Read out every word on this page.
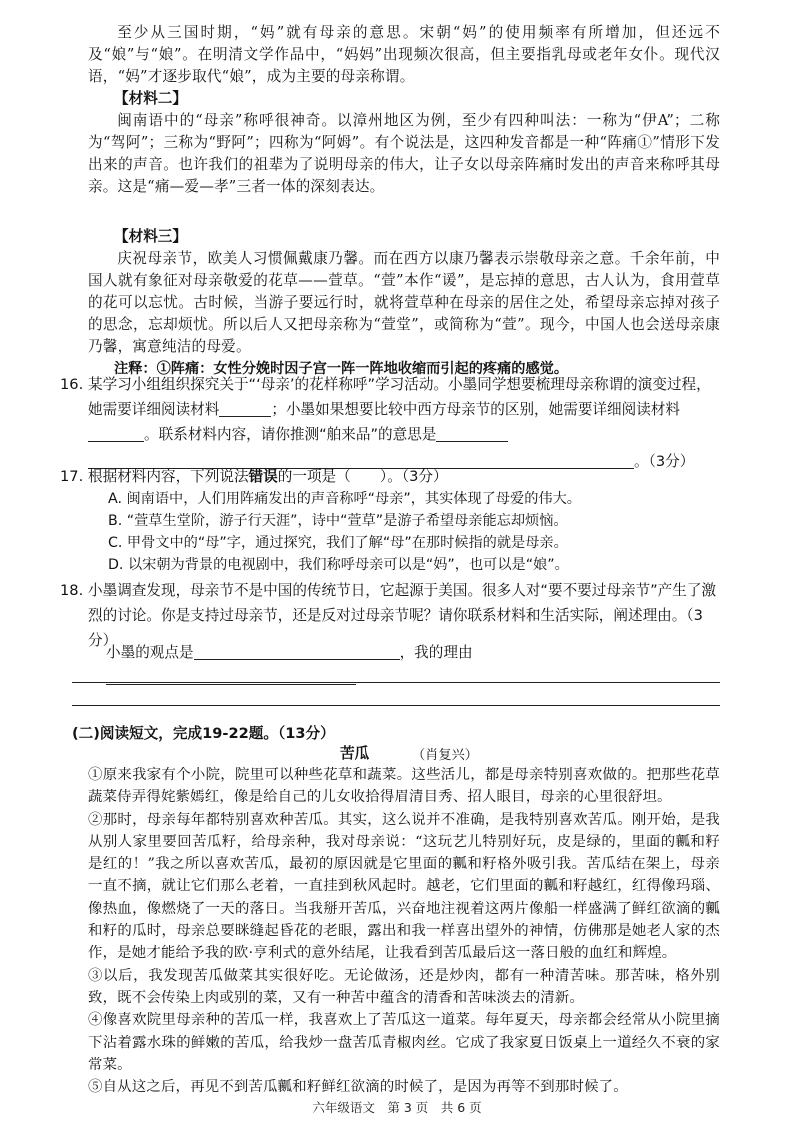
至少从三国时期，“妈”就有母亲的意思。宋朝“妈”的使用频率有所增加，但还远不及“娘”与“娘”。在明清文学作品中，“妈妈”出现频次很高，但主要指乳母或老年女仆。现代汉语，“妈”才逐步取代“娘”，成为主要的母亲称谓。

【材料二】

闽南语中的“母亲”称呼很神奇。以漳州地区为例，至少有四种叫法：一称为“伊A”；二称为“驾阿”；三称为“野阿”；四称为“阿姆”。有个说法是，这四种发音都是一种“阵痛①”情形下发出来的声音。也许我们的祖辈为了说明母亲的伟大，让子女以母亲阵痛时发出的声音来称呼其母亲。这是“痛—爱—孝”三者一体的深刻表达。

【材料三】

庆祝母亲节，欧美人习惯佩戴康乃馨。而在西方以康乃馨表示崇敬母亲之意。千余年前，中国人就有象征对母亲敬爱的花草——萱草。“萱”本作“谖”，是忘掉的意思，古人认为，食用萱草的花可以忘忧。古时候，当游子要远行时，就将萱草种在母亲的居住之处，希望母亲忘掉对孩子的思念，忘却烦忧。所以后人又把母亲称为“萱堂”，或简称为“萱”。现今，中国人也会送母亲康乃馨，寓意纯洁的母爱。

注释：①阵痛：女性分娩时因子宫一阵一阵地收缩而引起的疼痛的感觉。

16. 某学习小组组织探究关于“‘母亲’的花样称呼”学习活动。小墨同学想要梳理母亲称谓的演变过程，她需要详细阅读材料	；小墨如果想要比较中西方母亲节的区别，她需要详细阅读材料。联系材料内容，请你推测“舶来品”的意思是
。（3分）
17. 根据材料内容，下列说法错误的一项是（　　）。（3分）
A. 闽南语中，人们用阵痛发出的声音称呼“母亲”，其实体现了母爱的伟大。
B. “萱草生堂阶，游子行天涯”，诗中“萱草”是游子希望母亲能忘却烦恼。
C. 甲骨文中的“母”字，通过探究，我们了解“母”在那时候指的就是母亲。
D. 以宋朝为背景的电视剧中，我们称呼母亲可以是“妈”，也可以是“娘”。
18. 小墨调查发现，母亲节不是中国的传统节日，它起源于美国。很多人对“要不要过母亲节”产生了激烈的讨论。你是支持过母亲节，还是反对过母亲节呢？请你联系材料和生活实际，阐述理由。（3分）
小墨的观点是	，我的理由
(二)阅读短文，完成19-22题。（13分）
苦瓜	（肖复兴）

①原来我家有个小院，院里可以种些花草和蔬菜。这些活儿，都是母亲特别喜欢做的。把那些花草蔬菜侍弄得姹紫嫣红，像是给自己的儿女收拾得眉清目秀、招人眼目，母亲的心里很舒坦。

②那时，母亲每年都特别喜欢种苦瓜。其实，这么说并不准确，是我特别喜欢苦瓜。刚开始，是我从别人家里要回苦瓜籽，给母亲种，我对母亲说：“这玩艺儿特别好玩，皮是绿的，里面的瓤和籽是红的！”我之所以喜欢苦瓜，最初的原因就是它里面的瓤和籽格外吸引我。苦瓜结在架上，母亲一直不摘，就让它们那么老着，一直挂到秋风起时。越老，它们里面的瓤和籽越红，红得像玛瑙、像热血，像燃烧了一天的落日。当我掰开苦瓜，兴奋地注视着这两片像船一样盛满了鲜红欲滴的瓤和籽的瓜时，母亲总要眯缝起昏花的老眼，露出和我一样喜出望外的神情，仿佛那是她老人家的杰作，是她才能给予我的欧·亨利式的意外结尾，让我看到苦瓜最后这一落日般的血红和辉煌。

③以后，我发现苦瓜做菜其实很好吃。无论做汤，还是炒肉，都有一种清苦味。那苦味，格外别致，既不会传染上肉或别的菜，又有一种苦中蕴含的清香和苦味淡去的清新。

④像喜欢院里母亲种的苦瓜一样，我喜欢上了苦瓜这一道菜。每年夏天，母亲都会经常从小院里摘下沾着露水珠的鲜嫩的苦瓜，给我炒一盘苦瓜青椒肉丝。它成了我家夏日饭桌上一道经久不衰的家常菜。

⑤自从这之后，再见不到苦瓜瓤和籽鲜红欲滴的时候了，是因为再等不到那时候了。

六年级语文　第 3 页　共 6 页
